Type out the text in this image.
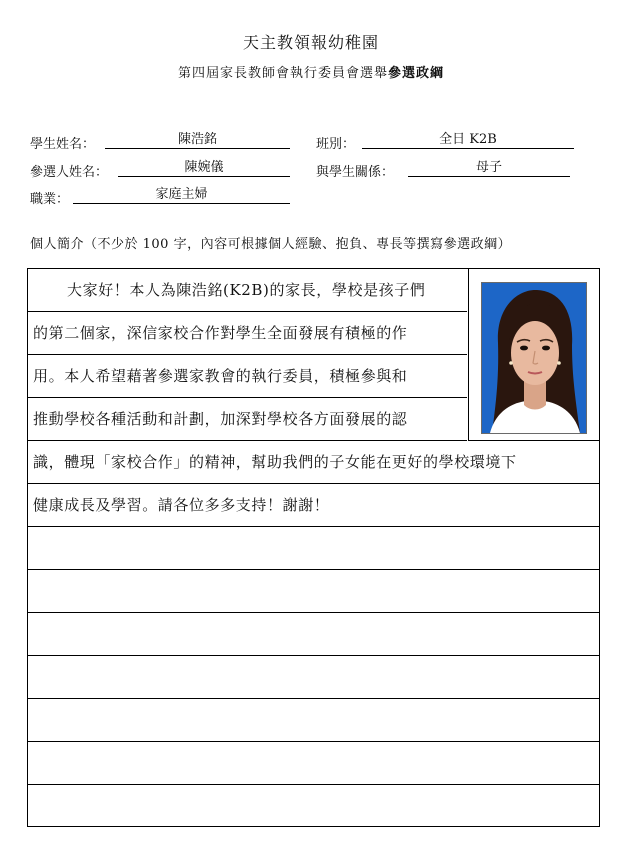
天主教領報幼稚園
第四屆家長教師會執行委員會選舉參選政綱
學生姓名：	陳浩銘	班別：	全日 K2B
參選人姓名：	陳婉儀	與學生關係：	母子
職業：	家庭主婦
個人簡介（不少於 100 字，內容可根據個人經驗、抱負、專長等撰寫參選政綱）
大家好！本人為陳浩銘(K2B)的家長，學校是孩子們
的第二個家，深信家校合作對學生全面發展有積極的作
用。本人希望藉著參選家教會的執行委員，積極參與和
推動學校各種活動和計劃，加深對學校各方面發展的認
識，體現「家校合作」的精神，幫助我們的子女能在更好的學校環境下
健康成長及學習。請各位多多支持！謝謝！
